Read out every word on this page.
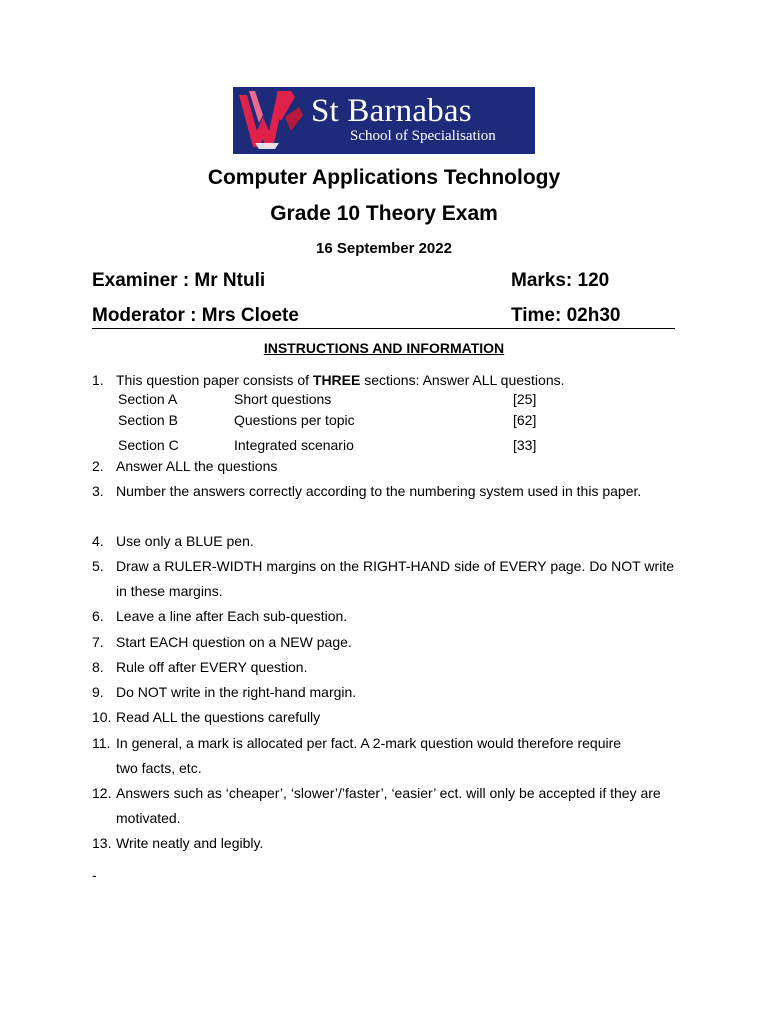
St Barnabas
School of Specialisation
Computer Applications Technology
Grade 10 Theory Exam
16 September 2022
Examiner : Mr Ntuli	Marks: 120
Moderator : Mrs Cloete	Time: 02h30
INSTRUCTIONS AND INFORMATION
1. This question paper consists of THREE sections: Answer ALL questions.
Section A	Short questions	[25]
Section B	Questions per topic	[62]
Section C	Integrated scenario	[33]
2. Answer ALL the questions
3. Number the answers correctly according to the numbering system used in this paper.
4. Use only a BLUE pen.
5. Draw a RULER-WIDTH margins on the RIGHT-HAND side of EVERY page. Do NOT write in these margins.
6. Leave a line after Each sub-question.
7. Start EACH question on a NEW page.
8. Rule off after EVERY question.
9. Do NOT write in the right-hand margin.
10. Read ALL the questions carefully
11. In general, a mark is allocated per fact. A 2-mark question would therefore require two facts, etc.
12. Answers such as ‘cheaper’, ‘slower’/’faster’, ‘easier’ ect. will only be accepted if they are motivated.
13. Write neatly and legibly.
-
